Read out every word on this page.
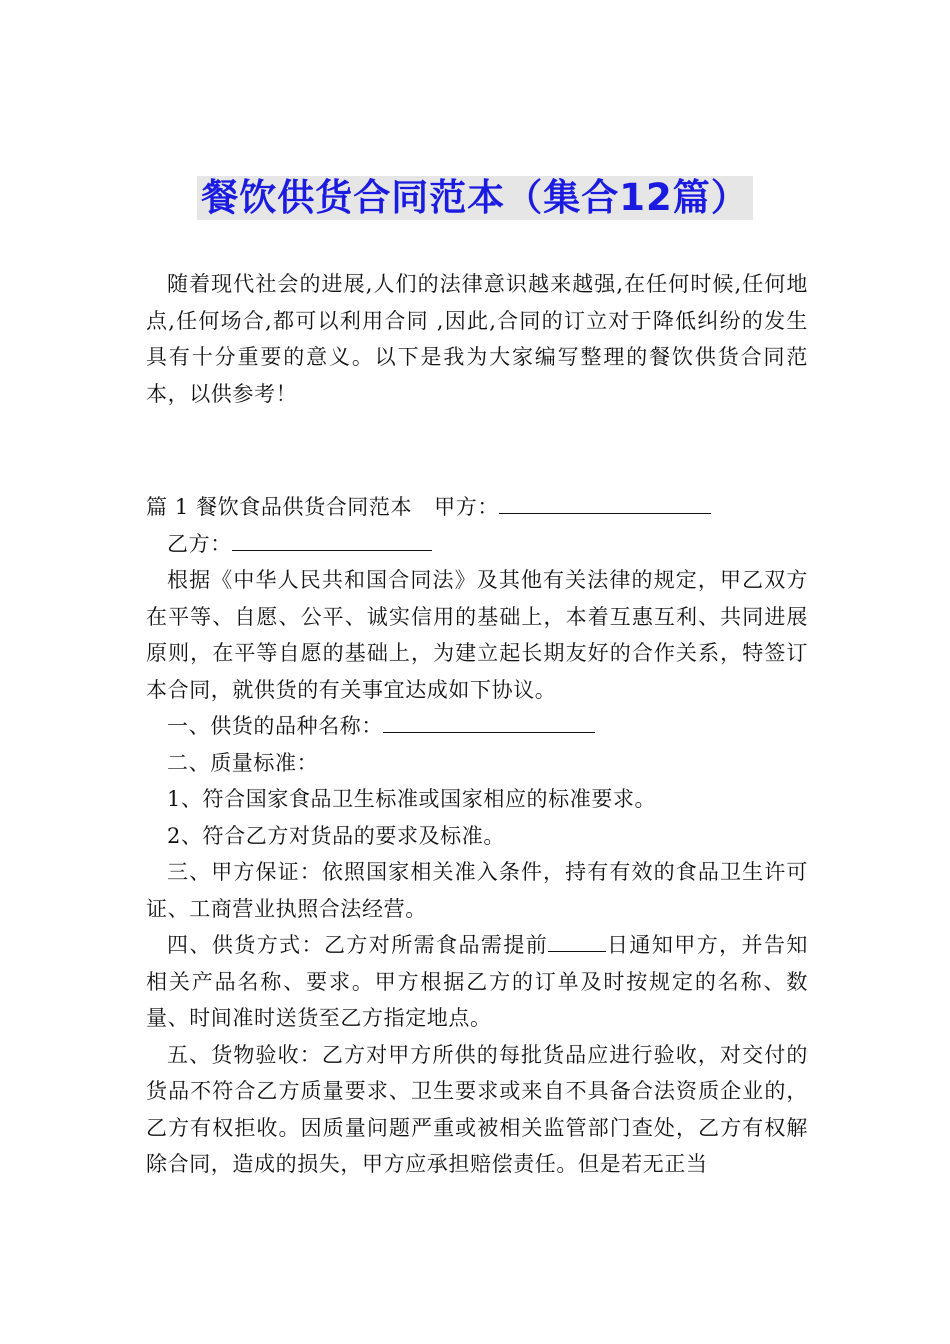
餐饮供货合同范本（集合12篇）

随着现代社会的进展,人们的法律意识越来越强,在任何时候,任何地点,任何场合,都可以利用合同 ,因此,合同的订立对于降低纠纷的发生具有十分重要的意义。以下是我为大家编写整理的餐饮供货合同范本，以供参考！

篇 1 餐饮食品供货合同范本 甲方：

乙方：

根据《中华人民共和国合同法》及其他有关法律的规定，甲乙双方在平等、自愿、公平、诚实信用的基础上，本着互惠互利、共同进展原则，在平等自愿的基础上，为建立起长期友好的合作关系，特签订本合同，就供货的有关事宜达成如下协议。

一、供货的品种名称：

二、质量标准：

1、符合国家食品卫生标准或国家相应的标准要求。

2、符合乙方对货品的要求及标准。

三、甲方保证：依照国家相关准入条件，持有有效的食品卫生许可证、工商营业执照合法经营。

四、供货方式：乙方对所需食品需提前	日通知甲方，并告知相关产品名称、要求。甲方根据乙方的订单及时按规定的名称、数量、时间准时送货至乙方指定地点。

五、货物验收：乙方对甲方所供的每批货品应进行验收，对交付的货品不符合乙方质量要求、卫生要求或来自不具备合法资质企业的，乙方有权拒收。因质量问题严重或被相关监管部门查处，乙方有权解除合同，造成的损失，甲方应承担赔偿责任。但是若无正当
